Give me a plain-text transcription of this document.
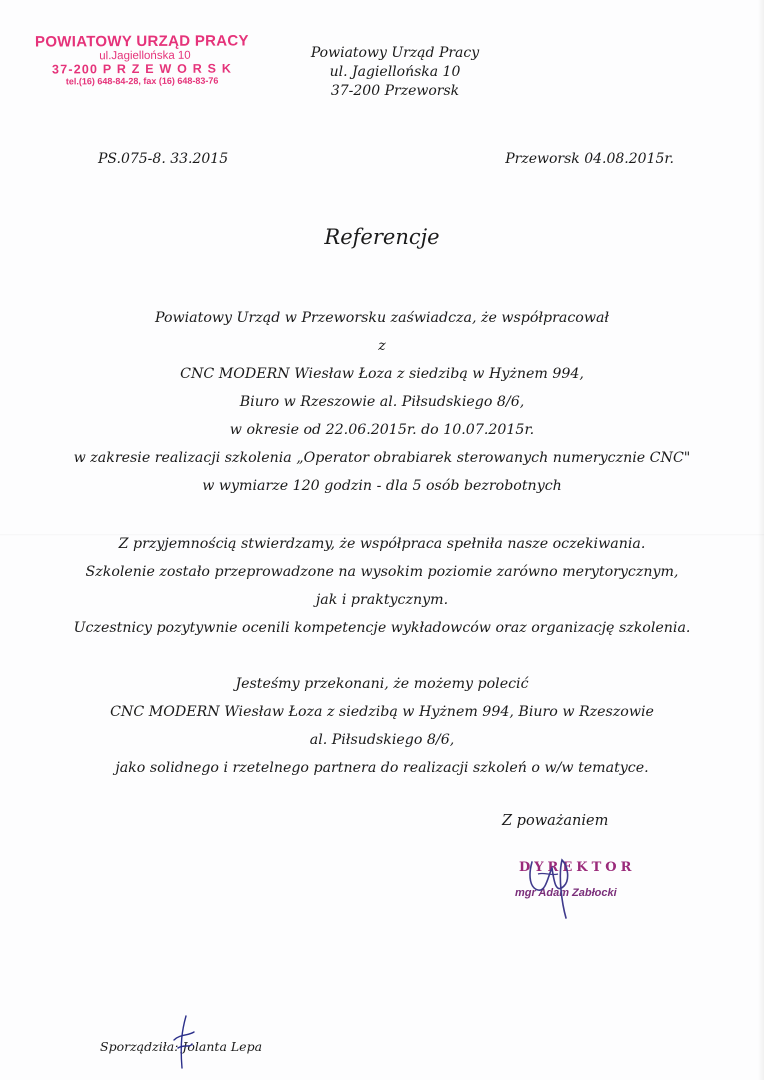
POWIATOWY URZĄD PRACY
ul.Jagiellońska 10
37-200 P R Z E W O R S K
tel.(16) 648-84-28, fax (16) 648-83-76
Powiatowy Urząd Pracy
ul. Jagiellońska 10
37-200 Przeworsk
PS.075-8. 33.2015	Przeworsk 04.08.2015r.
Referencje
Powiatowy Urząd w Przeworsku zaświadcza, że współpracował
z
CNC MODERN Wiesław Łoza z siedzibą w Hyżnem 994,
Biuro w Rzeszowie al. Piłsudskiego 8/6,
w okresie od 22.06.2015r. do 10.07.2015r.
w zakresie realizacji szkolenia „Operator obrabiarek sterowanych numerycznie CNC"
w wymiarze 120 godzin - dla 5 osób bezrobotnych
Z przyjemnością stwierdzamy, że współpraca spełniła nasze oczekiwania.
Szkolenie zostało przeprowadzone na wysokim poziomie zarówno merytorycznym,
jak i praktycznym.
Uczestnicy pozytywnie ocenili kompetencje wykładowców oraz organizację szkolenia.
Jesteśmy przekonani, że możemy polecić
CNC MODERN Wiesław Łoza z siedzibą w Hyżnem 994, Biuro w Rzeszowie
al. Piłsudskiego 8/6,
jako solidnego i rzetelnego partnera do realizacji szkoleń o w/w tematyce.
Z poważaniem
DYREKTOR
mgr Adam Zabłocki
Sporządziła: Jolanta Lepa
